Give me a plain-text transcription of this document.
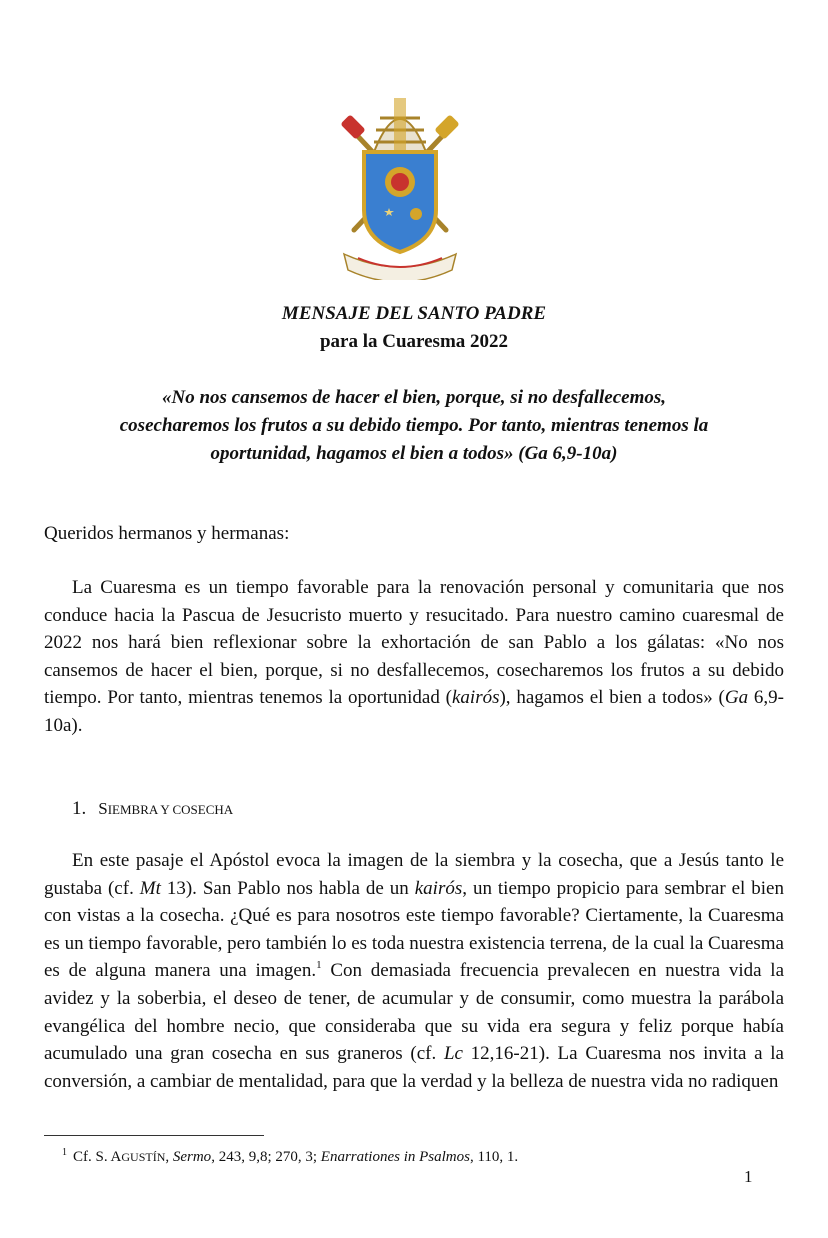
MENSAJE DEL SANTO PADRE
para la Cuaresma 2022
«No nos cansemos de hacer el bien, porque, si no desfallecemos,
cosecharemos los frutos a su debido tiempo. Por tanto, mientras tenemos la
oportunidad, hagamos el bien a todos» (Ga 6,9-10a)
Queridos hermanos y hermanas:

La Cuaresma es un tiempo favorable para la renovación personal y comunitaria que nos conduce hacia la Pascua de Jesucristo muerto y resucitado. Para nuestro camino cuaresmal de 2022 nos hará bien reflexionar sobre la exhortación de san Pablo a los gálatas: «No nos cansemos de hacer el bien, porque, si no desfallecemos, cosecharemos los frutos a su debido tiempo. Por tanto, mientras tenemos la oportunidad (kairós), hagamos el bien a todos» (Ga 6,9-10a).

1. SIEMBRA Y COSECHA

En este pasaje el Apóstol evoca la imagen de la siembra y la cosecha, que a Jesús tanto le gustaba (cf. Mt 13). San Pablo nos habla de un kairós, un tiempo propicio para sembrar el bien con vistas a la cosecha. ¿Qué es para nosotros este tiempo favorable? Ciertamente, la Cuaresma es un tiempo favorable, pero también lo es toda nuestra existencia terrena, de la cual la Cuaresma es de alguna manera una imagen.$^1$ Con demasiada frecuencia prevalecen en nuestra vida la avidez y la soberbia, el deseo de tener, de acumular y de consumir, como muestra la parábola evangélica del hombre necio, que consideraba que su vida era segura y feliz porque había acumulado una gran cosecha en sus graneros (cf. Lc 12,16-21). La Cuaresma nos invita a la conversión, a cambiar de mentalidad, para que la verdad y la belleza de nuestra vida no radiquen

$^1$ Cf. S. AGUSTÍN, Sermo, 243, 9,8; 270, 3; Enarrationes in Psalmos, 110, 1.
1
